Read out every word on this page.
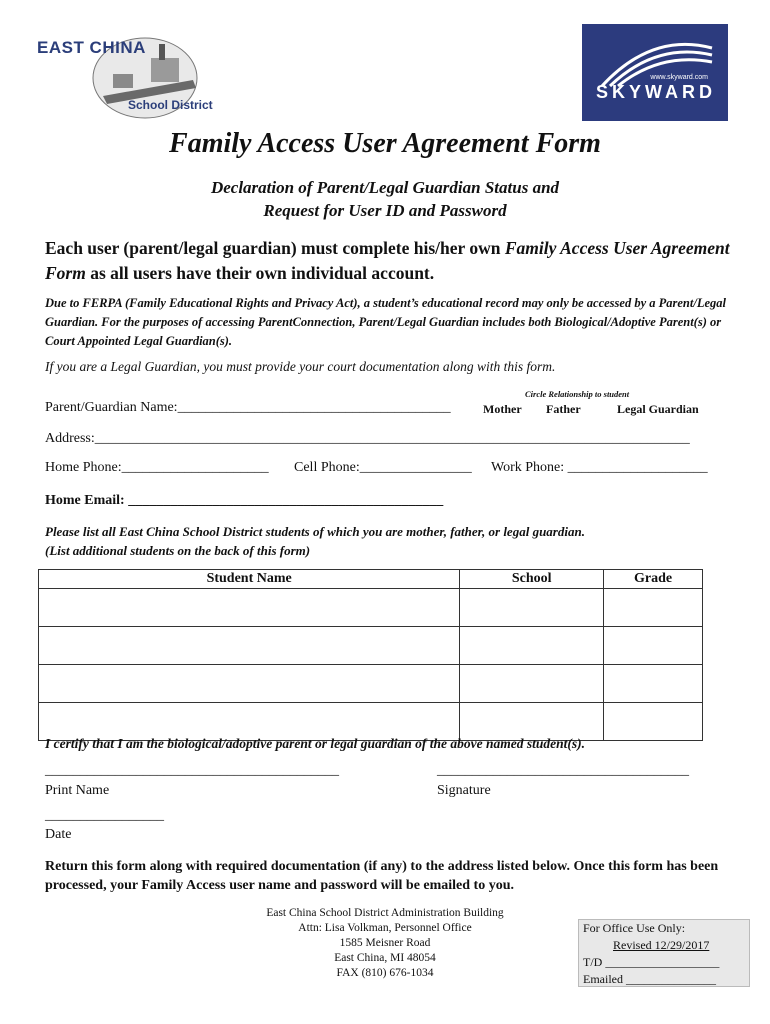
EAST CHINA
School District
www.skyward.com
SKYWARD
Family Access User Agreement Form
Declaration of Parent/Legal Guardian Status and
Request for User ID and Password
Each user (parent/legal guardian) must complete his/her own Family Access User Agreement Form as all users have their own individual account.
Due to FERPA (Family Educational Rights and Privacy Act), a student’s educational record may only be accessed by a Parent/Legal Guardian. For the purposes of accessing ParentConnection, Parent/Legal Guardian includes both Biological/Adoptive Parent(s) or Court Appointed Legal Guardian(s).
If you are a Legal Guardian, you must provide your court documentation along with this form.
Circle Relationship to student
Parent/Guardian Name:_______________________________________	Mother Father	Legal Guardian
Address:_____________________________________________________________________________________
Home Phone:_____________________ Cell Phone:________________ Work Phone: ____________________
Home Email: _____________________________________________
Please list all East China School District students of which you are mother, father, or legal guardian.
(List additional students on the back of this form)
Student Name	School	Grade

I certify that I am the biological/adoptive parent or legal guardian of the above named student(s).
__________________________________________
Print Name
____________________________________
Signature
_________________
Date
Return this form along with required documentation (if any) to the address listed below. Once this form has been processed, your Family Access user name and password will be emailed to you.
East China School District Administration Building
Attn: Lisa Volkman, Personnel Office
1585 Meisner Road
East China, MI 48054
FAX (810) 676-1034
For Office Use Only:
Revised 12/29/2017
T/D ___________________
Emailed _______________
